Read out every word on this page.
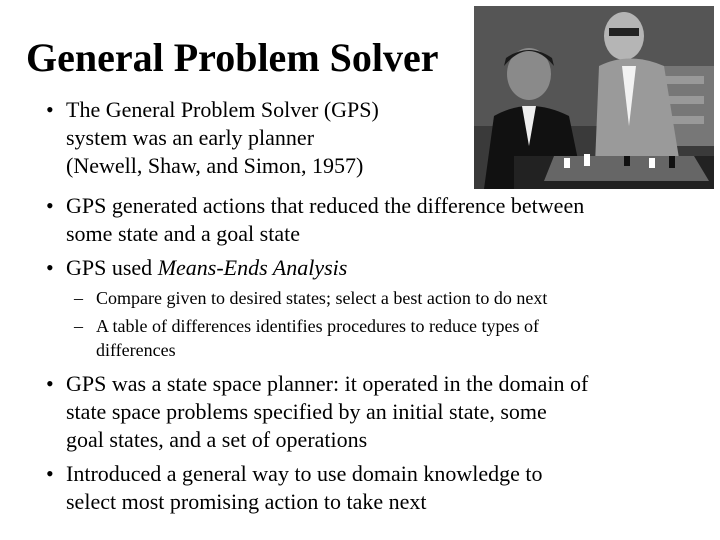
General Problem Solver
• The General Problem Solver (GPS)
system was an early planner
(Newell, Shaw, and Simon, 1957)
• GPS generated actions that reduced the difference between
some state and a goal state
• GPS used Means-Ends Analysis
– Compare given to desired states; select a best action to do next
– A table of differences identifies procedures to reduce types of
differences
• GPS was a state space planner: it operated in the domain of
state space problems specified by an initial state, some
goal states, and a set of operations
• Introduced a general way to use domain knowledge to
select most promising action to take next
